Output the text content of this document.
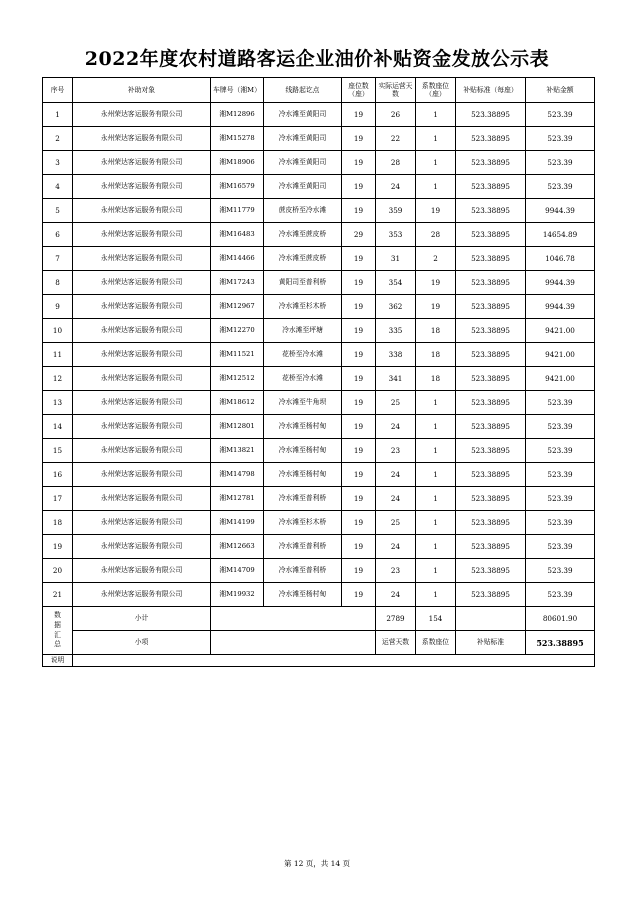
2022年度农村道路客运企业油价补贴资金发放公示表
序号	补助对象	车牌号（湘M）	线路起讫点	座位数（座）	实际运营天数	系数座位（座）	补贴标准（每座）	补贴金额
1	永州荣达客运服务有限公司	湘M12896	冷水滩至黄阳司	19	26	1	523.38895	523.39
2	永州荣达客运服务有限公司	湘M15278	冷水滩至黄阳司	19	22	1	523.38895	523.39
3	永州荣达客运服务有限公司	湘M18906	冷水滩至黄阳司	19	28	1	523.38895	523.39
4	永州荣达客运服务有限公司	湘M16579	冷水滩至黄阳司	19	24	1	523.38895	523.39
5	永州荣达客运服务有限公司	湘M11779	蔗皮桥至冷水滩	19	359	19	523.38895	9944.39
6	永州荣达客运服务有限公司	湘M16483	冷水滩至蔗皮桥	29	353	28	523.38895	14654.89
7	永州荣达客运服务有限公司	湘M14466	冷水滩至蔗皮桥	19	31	2	523.38895	1046.78
8	永州荣达客运服务有限公司	湘M17243	黄阳司至普利桥	19	354	19	523.38895	9944.39
9	永州荣达客运服务有限公司	湘M12967	冷水滩至杉木桥	19	362	19	523.38895	9944.39
10	永州荣达客运服务有限公司	湘M12270	冷水滩至坪塘	19	335	18	523.38895	9421.00
11	永州荣达客运服务有限公司	湘M11521	花桥至冷水滩	19	338	18	523.38895	9421.00
12	永州荣达客运服务有限公司	湘M12512	花桥至冷水滩	19	341	18	523.38895	9421.00
13	永州荣达客运服务有限公司	湘M18612	冷水滩至牛角坝	19	25	1	523.38895	523.39
14	永州荣达客运服务有限公司	湘M12801	冷水滩至杨村甸	19	24	1	523.38895	523.39
15	永州荣达客运服务有限公司	湘M13821	冷水滩至杨村甸	19	23	1	523.38895	523.39
16	永州荣达客运服务有限公司	湘M14798	冷水滩至杨村甸	19	24	1	523.38895	523.39
17	永州荣达客运服务有限公司	湘M12781	冷水滩至普利桥	19	24	1	523.38895	523.39
18	永州荣达客运服务有限公司	湘M14199	冷水滩至杉木桥	19	25	1	523.38895	523.39
19	永州荣达客运服务有限公司	湘M12663	冷水滩至普利桥	19	24	1	523.38895	523.39
20	永州荣达客运服务有限公司	湘M14709	冷水滩至普利桥	19	23	1	523.38895	523.39
21	永州荣达客运服务有限公司	湘M19932	冷水滩至杨村甸	19	24	1	523.38895	523.39
数据汇总	小计				2789	154		80601.90
	小项				运营天数	系数座位	补贴标准	523.38895
说明								
第 12 页，共 14 页
